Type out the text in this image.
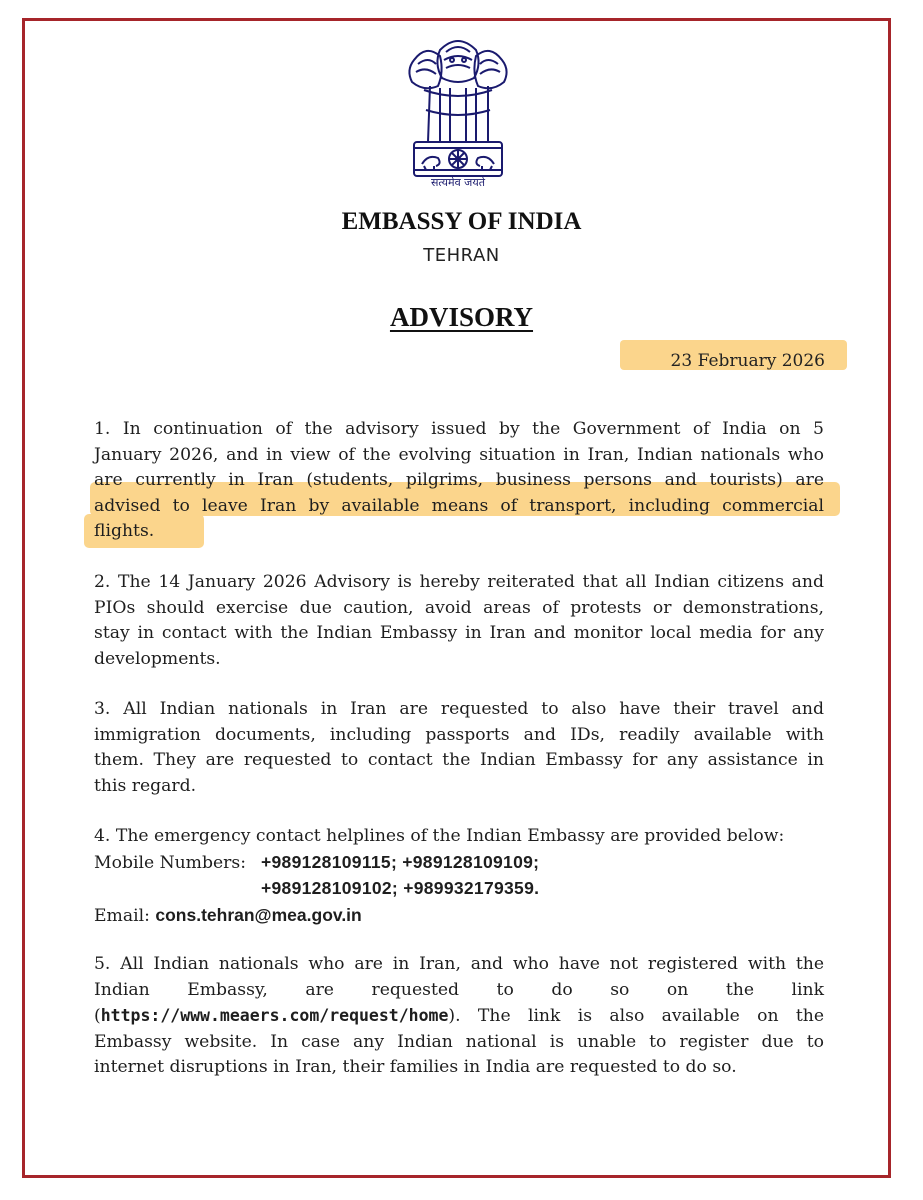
सत्यमेव जयते
EMBASSY OF INDIA
TEHRAN
ADVISORY
23 February 2026
1. In continuation of the advisory issued by the Government of India on 5
January 2026, and in view of the evolving situation in Iran, Indian nationals who
are currently in Iran (students, pilgrims, business persons and tourists) are
advised to leave Iran by available means of transport, including commercial
flights.
2. The 14 January 2026 Advisory is hereby reiterated that all Indian citizens and
PIOs should exercise due caution, avoid areas of protests or demonstrations,
stay in contact with the Indian Embassy in Iran and monitor local media for any
developments.
3. All Indian nationals in Iran are requested to also have their travel and
immigration documents, including passports and IDs, readily available with
them. They are requested to contact the Indian Embassy for any assistance in
this regard.
4. The emergency contact helplines of the Indian Embassy are provided below:
Mobile Numbers: +989128109115; +989128109109;
+989128109102; +989932179359.
Email: cons.tehran@mea.gov.in
5. All Indian nationals who are in Iran, and who have not registered with the
Indian Embassy, are requested to do so on the link
(https://www.meaers.com/request/home). The link is also available on the
Embassy website. In case any Indian national is unable to register due to
internet disruptions in Iran, their families in India are requested to do so.
